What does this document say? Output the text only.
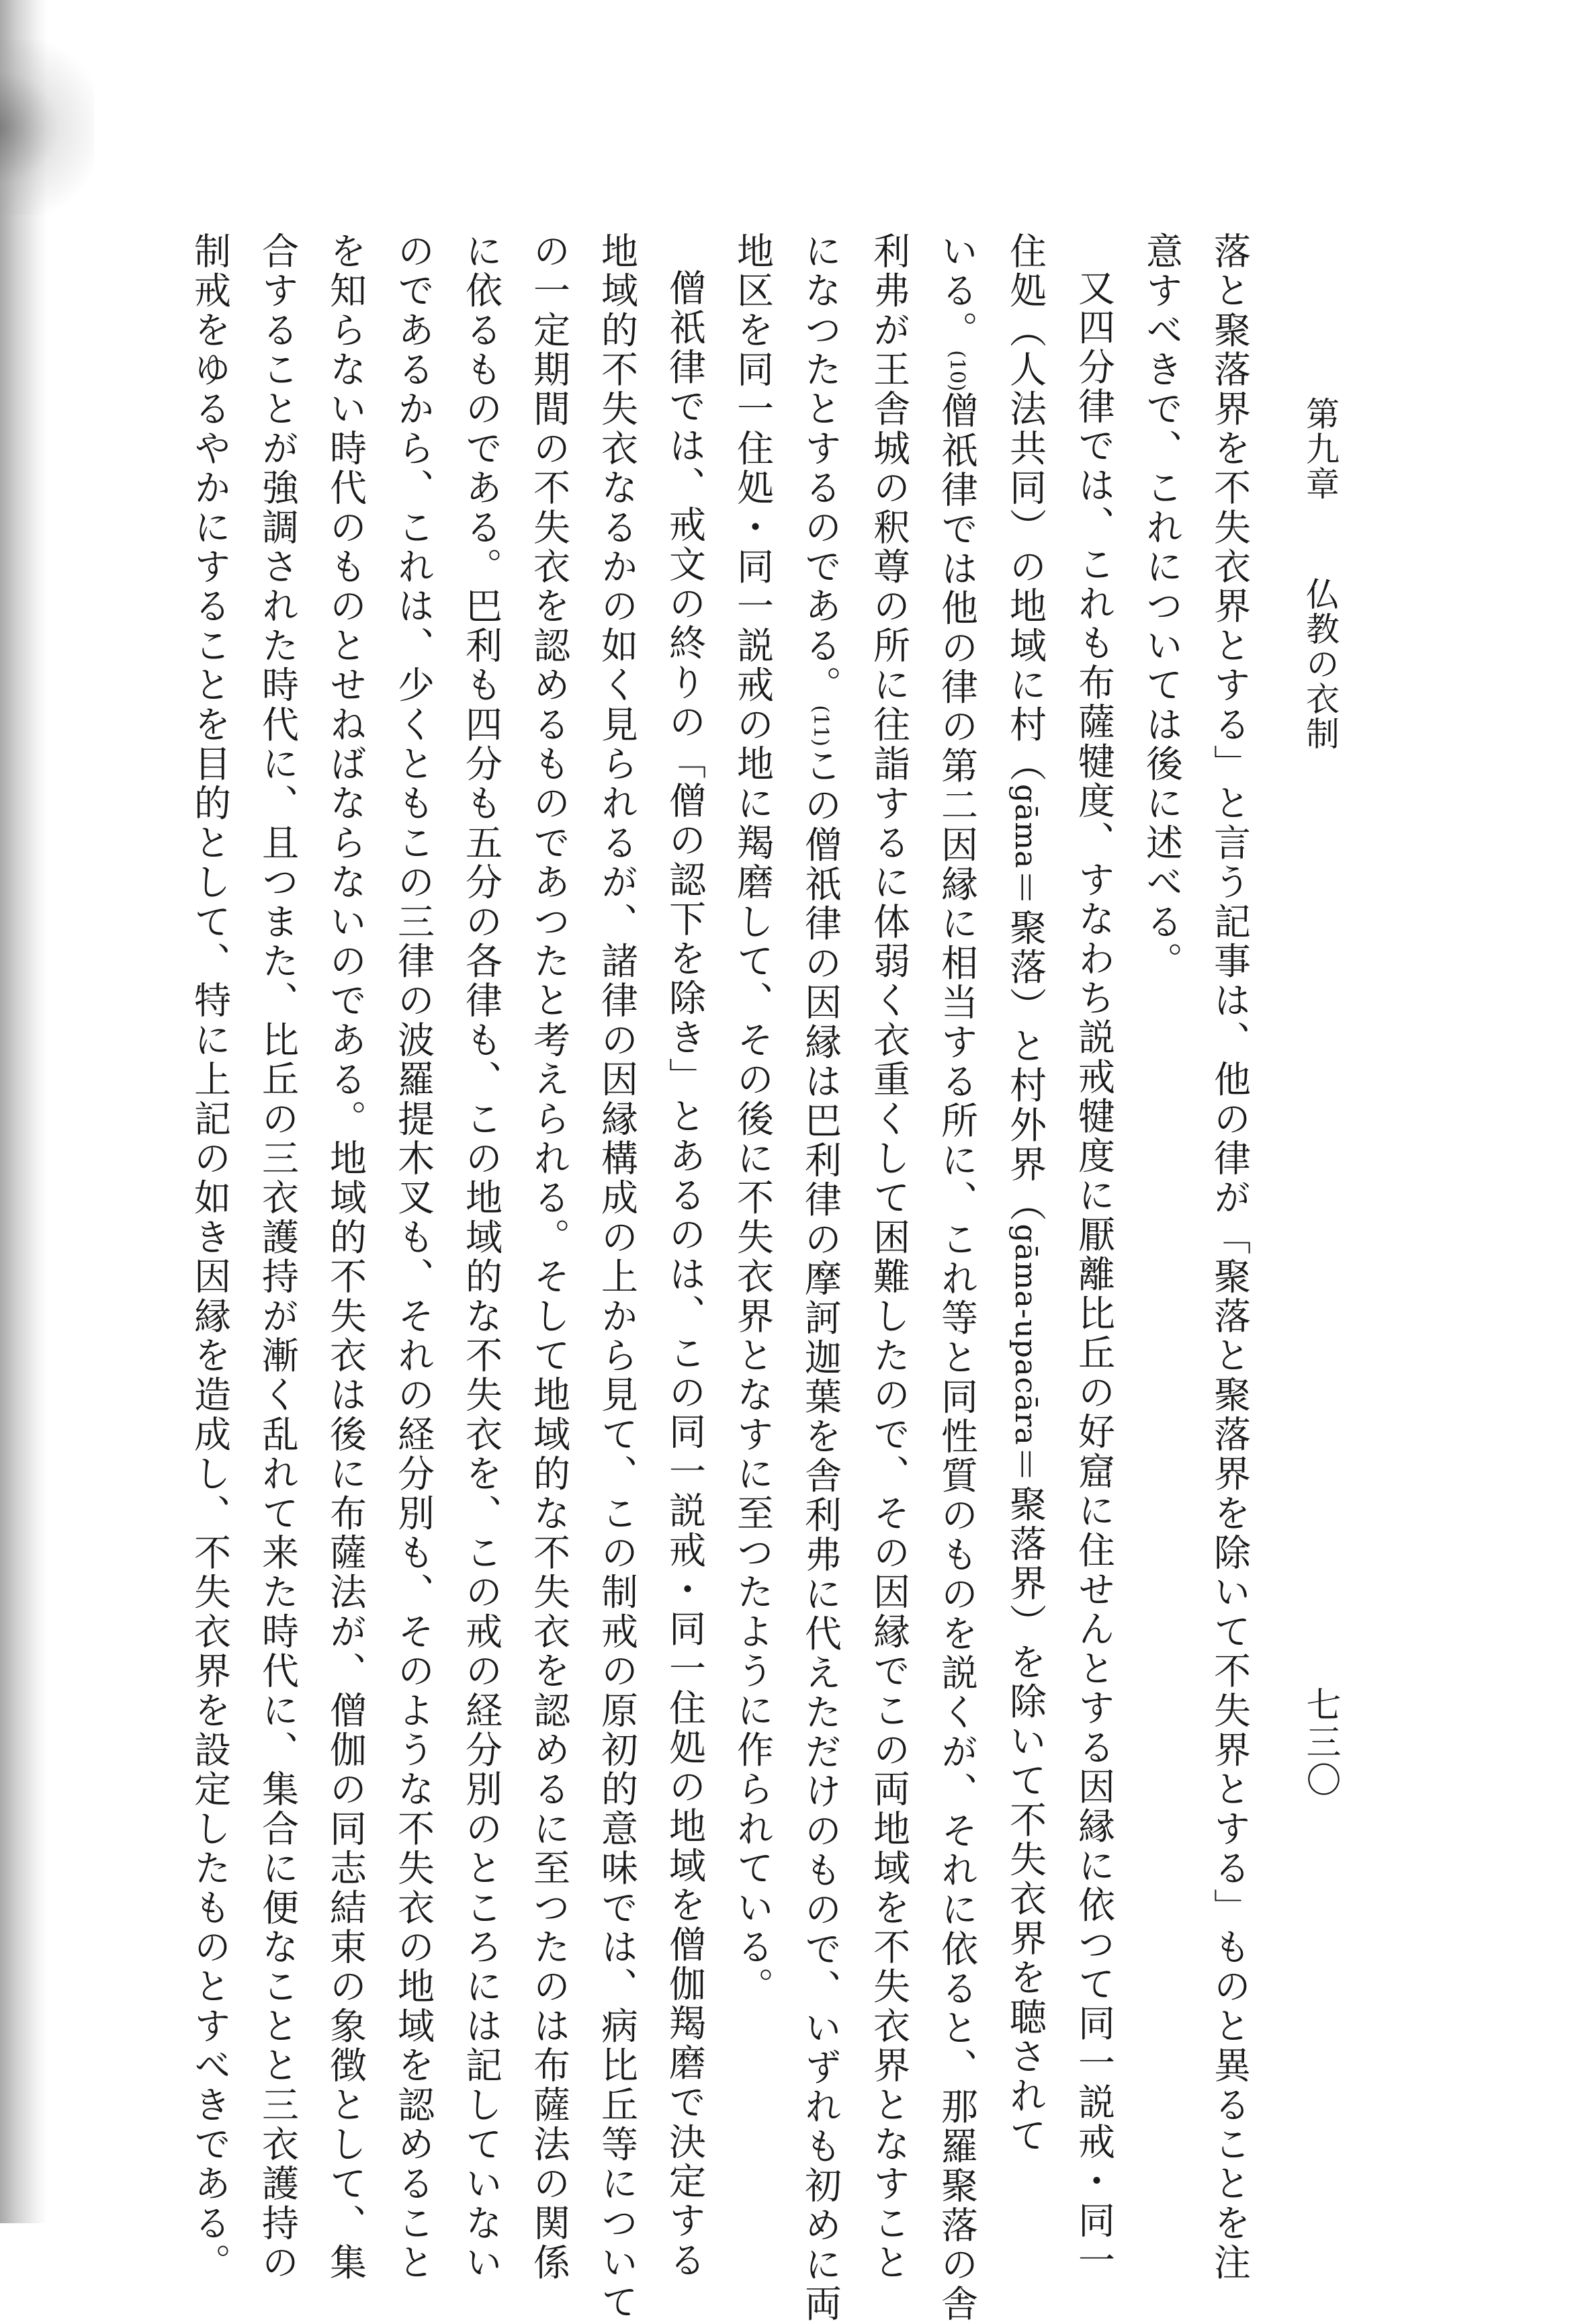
第九章　仏教の衣制
七三〇
落と聚落界を不失衣界とする」と言う記事は、他の律が「聚落と聚落界を除いて不失界とする」ものと異ることを注
意すべきで、これについては後に述べる。
又四分律では、これも布薩犍度、すなわち説戒犍度に厭離比丘の好窟に住せんとする因縁に依つて同一説戒・同一
住処（人法共同）の地域に村（gāma＝聚落）と村外界（gāma-upacāra＝聚落界）を除いて不失衣界を聴されて
いる。(10)僧祇律では他の律の第二因縁に相当する所に、これ等と同性質のものを説くが、それに依ると、那羅聚落の舎
利弗が王舎城の釈尊の所に往詣するに体弱く衣重くして困難したので、その因縁でこの両地域を不失衣界となすこと
になつたとするのである。(11)この僧祇律の因縁は巴利律の摩訶迦葉を舎利弗に代えただけのもので、いずれも初めに両
地区を同一住処・同一説戒の地に羯磨して、その後に不失衣界となすに至つたように作られている。
僧祇律では、戒文の終りの「僧の認下を除き」とあるのは、この同一説戒・同一住処の地域を僧伽羯磨で決定する
地域的不失衣なるかの如く見られるが、諸律の因縁構成の上から見て、この制戒の原初的意味では、病比丘等について
の一定期間の不失衣を認めるものであつたと考えられる。そして地域的な不失衣を認めるに至つたのは布薩法の関係
に依るものである。巴利も四分も五分の各律も、この地域的な不失衣を、この戒の経分別のところには記していない
のであるから、これは、少くともこの三律の波羅提木叉も、それの経分別も、そのような不失衣の地域を認めること
を知らない時代のものとせねばならないのである。地域的不失衣は後に布薩法が、僧伽の同志結束の象徴として、集
合することが強調された時代に、且つまた、比丘の三衣護持が漸く乱れて来た時代に、集合に便なことと三衣護持の
制戒をゆるやかにすることを目的として、特に上記の如き因縁を造成し、不失衣界を設定したものとすべきである。
